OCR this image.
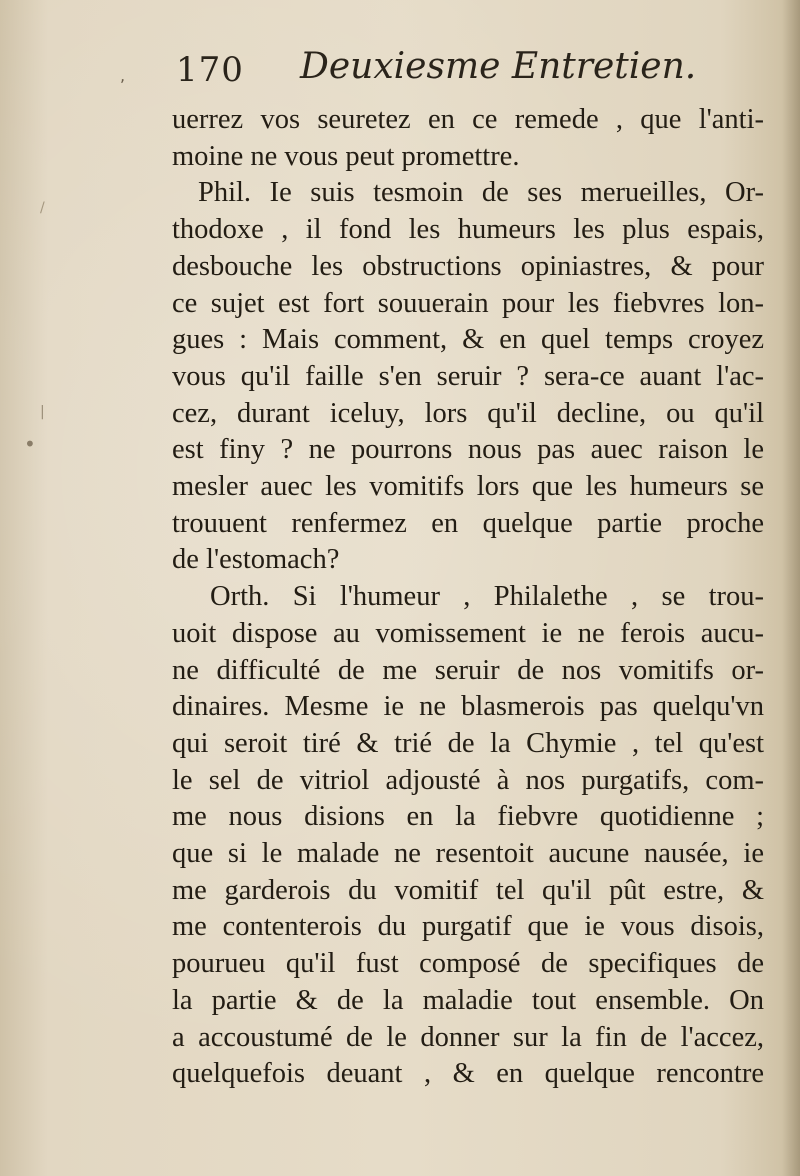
,
•
|
/
170 Deuxiesme Entretien.
uerrez vos seuretez en ce remede , que l'anti-
moine ne vous peut promettre.
Phil. Ie suis tesmoin de ses merueilles, Or-
thodoxe , il fond les humeurs les plus espais,
desbouche les obstructions opiniastres, & pour
ce sujet est fort souuerain pour les fiebvres lon-
gues : Mais comment, & en quel temps croyez
vous qu'il faille s'en seruir ? sera-ce auant l'ac-
cez, durant iceluy, lors qu'il decline, ou qu'il
est finy ? ne pourrons nous pas auec raison le
mesler auec les vomitifs lors que les humeurs se
trouuent renfermez en quelque partie proche
de l'estomach?
Orth. Si l'humeur , Philalethe , se trou-
uoit dispose au vomissement ie ne ferois aucu-
ne difficulté de me seruir de nos vomitifs or-
dinaires. Mesme ie ne blasmerois pas quelqu'vn
qui seroit tiré & trié de la Chymie , tel qu'est
le sel de vitriol adjousté à nos purgatifs, com-
me nous disions en la fiebvre quotidienne ;
que si le malade ne resentoit aucune nausée, ie
me garderois du vomitif tel qu'il pût estre, &
me contenterois du purgatif que ie vous disois,
pourueu qu'il fust composé de specifiques de
la partie & de la maladie tout ensemble. On
a accoustumé de le donner sur la fin de l'accez,
quelquefois deuant , & en quelque rencontre
